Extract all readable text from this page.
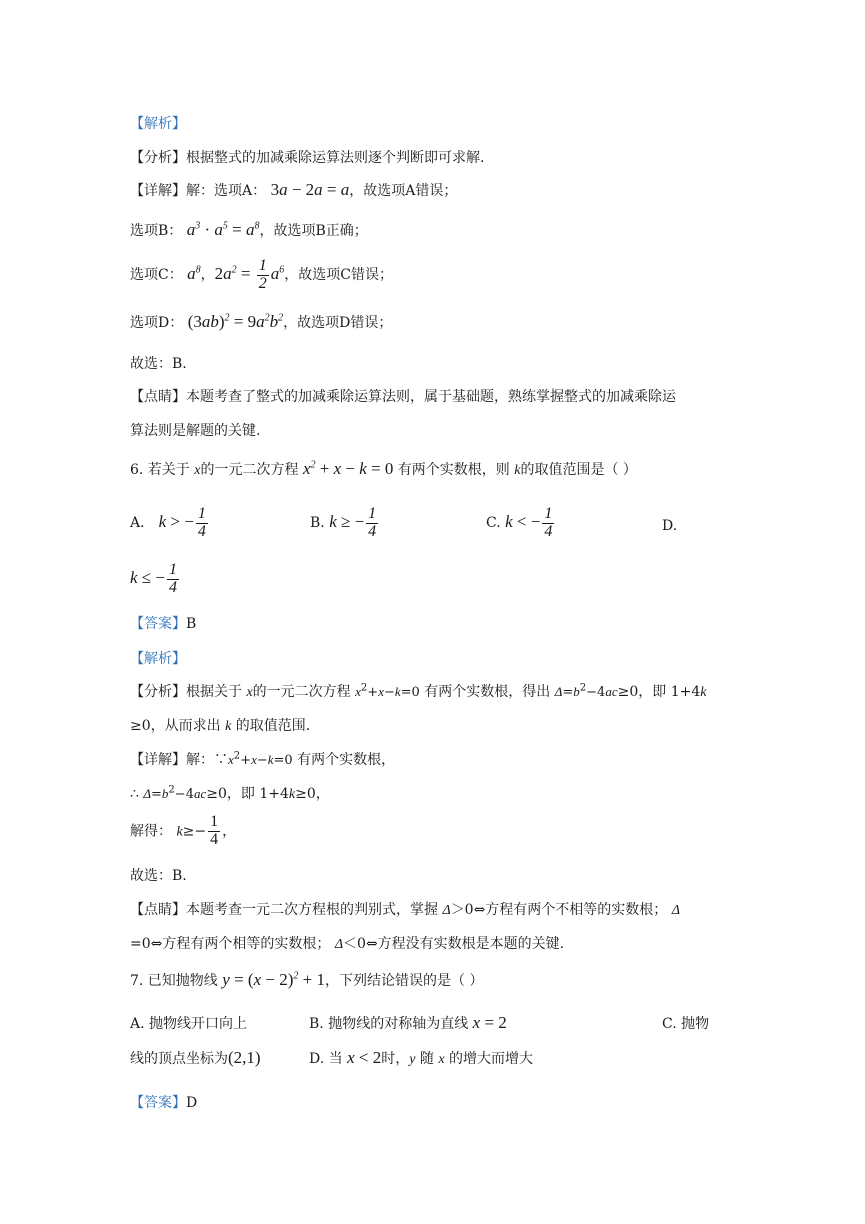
【解析】
【分析】根据整式的加减乘除运算法则逐个判断即可求解.
【详解】解：选项A： 3a − 2a = a，故选项A错误；
选项B： $a^3 \cdot a^5 = a^8$，故选项B正确；
选项C： $a^8$，$2a^2 = \frac{1}{2} a^6$，故选项C错误；
选项D： $(3ab)^2 = 9a^2b^2$，故选项D错误；
故选：B.
【点睛】本题考查了整式的加减乘除运算法则，属于基础题，熟练掌握整式的加减乘除运
算法则是解题的关键.
6. 若关于 x的一元二次方程 $x^2 + x - k = 0$ 有两个实数根，则 k的取值范围是（ ）
A． k > − $\frac{1}{4}$	B. k ≥ − $\frac{1}{4}$	C. k < − $\frac{1}{4}$	D.
k ≤ − $\frac{1}{4}$
【答案】B
【解析】
【分析】根据关于 x的一元二次方程 $x^2+x-k=0$ 有两个实数根，得出 $\Delta=b^2-4ac\ge 0$，即 1+4k
≥0，从而求出 k 的取值范围.
【详解】解：$\because x^2+x-k=0$ 有两个实数根，
∴ $\Delta=b^2-4ac\ge 0$，即 1+4k≥0，
解得： $k\ge- \frac{1}{4}$ ，
故选：B.
【点睛】本题考查一元二次方程根的判别式，掌握 Δ＞0⇔方程有两个不相等的实数根； Δ
=0⇔方程有两个相等的实数根； Δ＜0⇔方程没有实数根是本题的关键.
7. 已知抛物线 $y = (x - 2)^2 + 1$，下列结论错误的是（ ）
A. 抛物线开口向上	B. 抛物线的对称轴为直线 x = 2	C. 抛物
线的顶点坐标为(2,1)	D. 当 x < 2时，y 随 x 的增大而增大
【答案】D
